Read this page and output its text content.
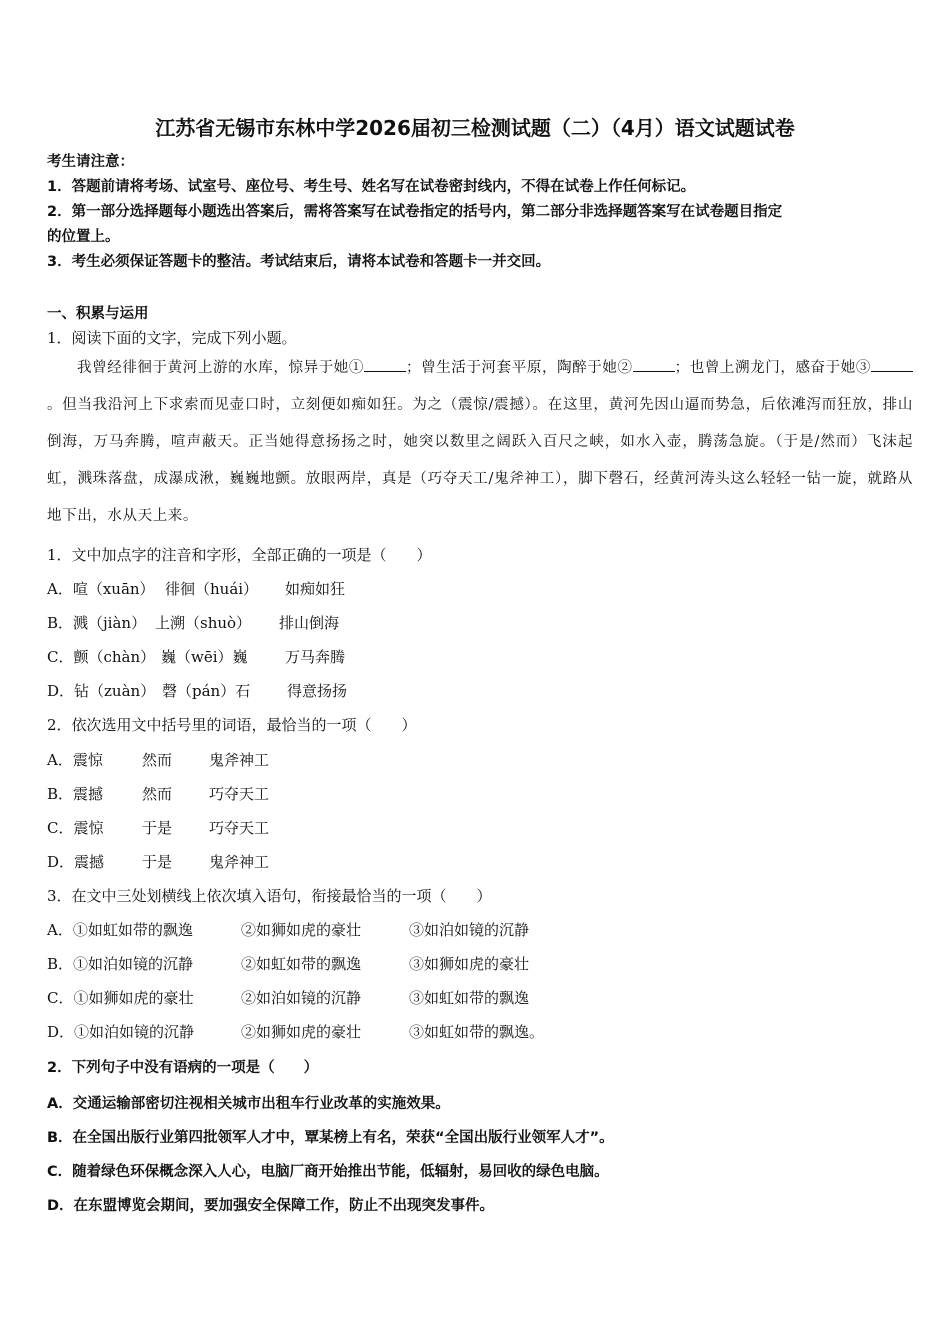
江苏省无锡市东林中学2026届初三检测试题（二）（4月）语文试题试卷
考生请注意：
1．答题前请将考场、试室号、座位号、考生号、姓名写在试卷密封线内，不得在试卷上作任何标记。
2．第一部分选择题每小题选出答案后，需将答案写在试卷指定的括号内，第二部分非选择题答案写在试卷题目指定
的位置上。
3．考生必须保证答题卡的整洁。考试结束后，请将本试卷和答题卡一并交回。
一、积累与运用
1．阅读下面的文字，完成下列小题。
我曾经徘徊于黄河上游的水库，惊异于她①	；曾生活于河套平原，陶醉于她②	；也曾上溯龙门，感奋于她③。但当我沿河上下求索而见壶口时，立刻便如痴如狂。为之（震惊/震撼）。在这里，黄河先因山逼而势急，后依滩泻而狂放，排山倒海，万马奔腾，喧声蔽天。正当她得意扬扬之时，她突以数里之阔跃入百尺之峡，如水入壶，腾荡急旋。（于是/然而）飞沫起虹，溅珠落盘，成瀑成湫，巍巍地颤。放眼两岸，真是（巧夺天工/鬼斧神工），脚下磬石，经黄河涛头这么轻轻一钻一旋，就路从地下出，水从天上来。
1．文中加点字的注音和字形，全部正确的一项是（　　）
A．喧（xuān） 徘徊（huái） 如痴如狂
B．溅（jiàn） 上溯（shuò） 排山倒海
C．颤（chàn） 巍（wēi）巍 万马奔腾
D．钻（zuàn） 磬（pán）石 得意扬扬
2．依次选用文中括号里的词语，最恰当的一项（　　）
A．震惊	然而 鬼斧神工
B．震撼	然而 巧夺天工
C．震惊	于是 巧夺天工
D．震撼	于是 鬼斧神工
3．在文中三处划横线上依次填入语句，衔接最恰当的一项（　　）
A．①如虹如带的飘逸	②如狮如虎的豪壮	③如泊如镜的沉静
B．①如泊如镜的沉静	②如虹如带的飘逸	③如狮如虎的豪壮
C．①如狮如虎的豪壮	②如泊如镜的沉静	③如虹如带的飘逸
D．①如泊如镜的沉静	②如狮如虎的豪壮	③如虹如带的飘逸。
2．下列句子中没有语病的一项是（　　）
A．交通运输部密切注视相关城市出租车行业改革的实施效果。
B．在全国出版行业第四批领军人才中，覃某榜上有名，荣获“全国出版行业领军人才”。
C．随着绿色环保概念深入人心，电脑厂商开始推出节能，低辐射，易回收的绿色电脑。
D．在东盟博览会期间，要加强安全保障工作，防止不出现突发事件。
